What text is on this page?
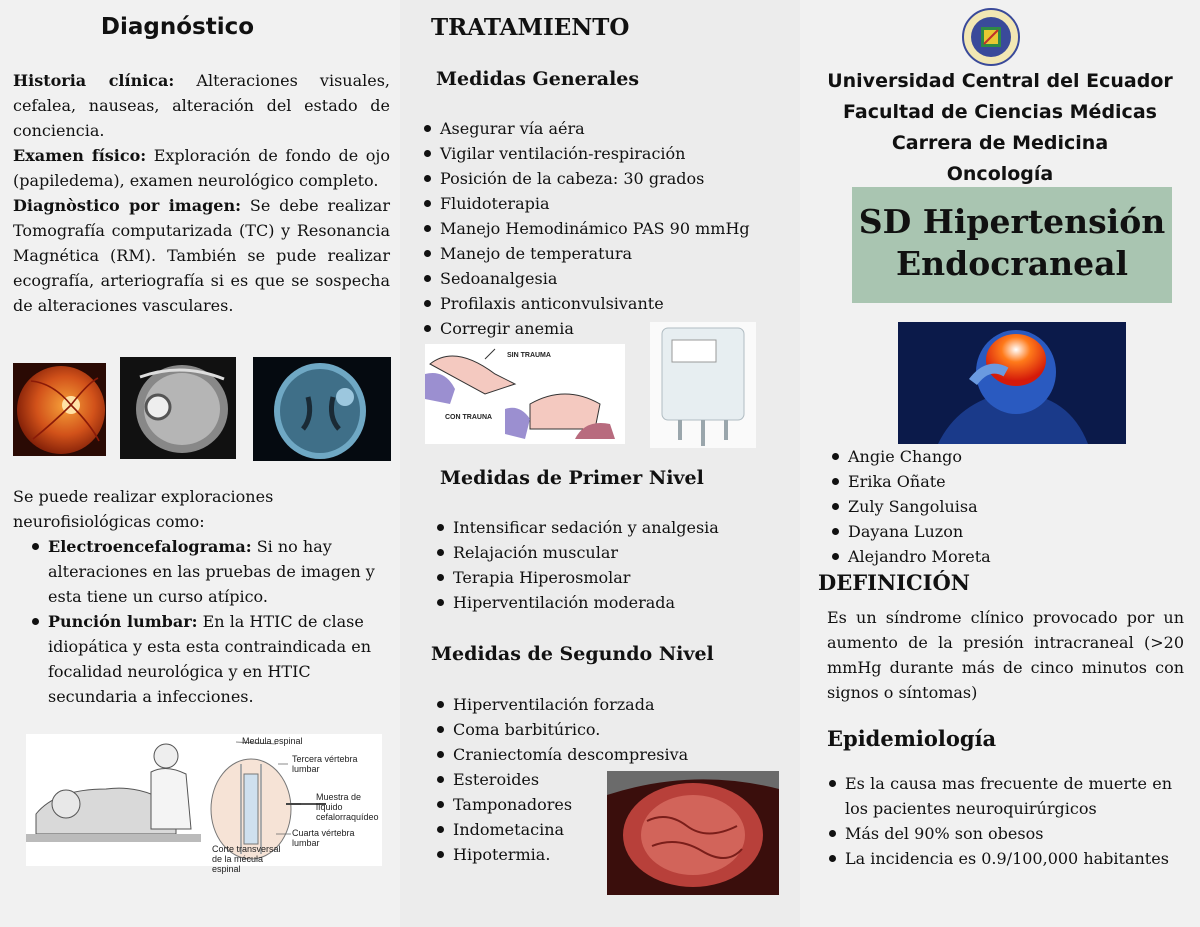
Diagnóstico

Historia clínica: Alteraciones visuales, cefalea, nauseas, alteración del estado de conciencia.

Examen físico: Exploración de fondo de ojo (papiledema), examen neurológico completo.

Diagnòstico por imagen: Se debe realizar Tomografía computarizada (TC) y Resonancia Magnética (RM). También se pude realizar ecografía, arteriografía si es que se sospecha de alteraciones vasculares.

Se puede realizar exploraciones neurofisiológicas como:
Electroencefalograma: Si no hay alteraciones en las pruebas de imagen y esta tiene un curso atípico.
Punción lumbar: En la HTIC de clase idiopática y esta esta contraindicada en focalidad neurológica y en HTIC secundaria a infecciones.
Medula espinal
Tercera vértebra lumbar
Muestra de líquido cefalorraquídeo
Cuarta vértebra lumbar
Corte transversal de la mécula espinal
TRATAMIENTO
Medidas Generales
Asegurar vía aéra
Vigilar ventilación-respiración
Posición de la cabeza: 30 grados
Fluidoterapia
Manejo Hemodinámico PAS 90 mmHg
Manejo de temperatura
Sedoanalgesia
Profilaxis anticonvulsivante
Corregir anemia
SIN TRAUMA
CON TRAUNA
Medidas de Primer Nivel
Intensificar sedación y analgesia
Relajación muscular
Terapia Hiperosmolar
Hiperventilación moderada
Medidas de Segundo Nivel
Hiperventilación forzada
Coma barbitúrico.
Craniectomía descompresiva
Esteroides
Tamponadores
Indometacina
Hipotermia.
Universidad Central del Ecuador
Facultad de Ciencias Médicas
Carrera de Medicina
Oncología
SD Hipertensión
Endocraneal
Angie Chango
Erika Oñate
Zuly Sangoluisa
Dayana Luzon
Alejandro Moreta
DEFINICIÓN
Es un síndrome clínico provocado por un aumento de la presión intracraneal (>20 mmHg durante más de cinco minutos con signos o síntomas)
Epidemiología
Es la causa mas frecuente de muerte en los pacientes neuroquirúrgicos
Más del 90% son obesos
La incidencia es 0.9/100,000 habitantes
